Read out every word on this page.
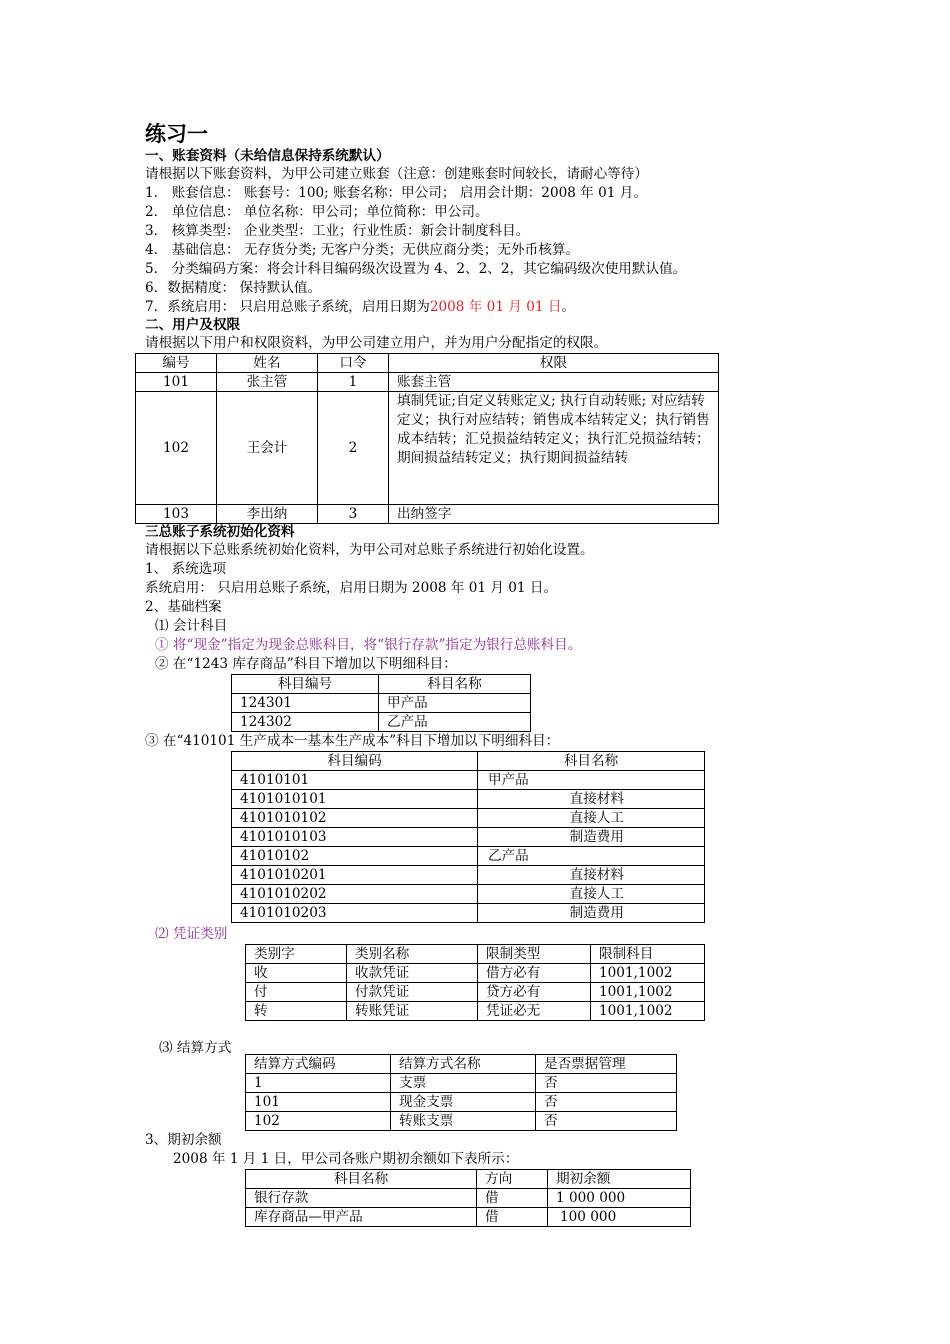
练习一
一、账套资料（未给信息保持系统默认）
请根据以下账套资料，为甲公司建立账套（注意：创建账套时间较长，请耐心等待）
1． 账套信息： 账套号：100; 账套名称：甲公司； 启用会计期：2008 年 01 月。
2． 单位信息： 单位名称：甲公司；单位简称：甲公司。
3． 核算类型： 企业类型：工业；行业性质：新会计制度科目。
4． 基础信息： 无存货分类; 无客户分类；无供应商分类；无外币核算。
5． 分类编码方案：将会计科目编码级次设置为 4、2、2、2，其它编码级次使用默认值。
6．数据精度： 保持默认值。
7．系统启用： 只启用总账子系统，启用日期为2008 年 01 月 01 日。
二、用户及权限
请根据以下用户和权限资料，为甲公司建立用户，并为用户分配指定的权限。
编号	姓名	口令	权限
101	张主管	1	账套主管
102	王会计	2	填制凭证;自定义转账定义; 执行自动转账; 对应结转定义；执行对应结转；销售成本结转定义；执行销售成本结转；汇兑损益结转定义；执行汇兑损益结转；期间损益结转定义；执行期间损益结转
103	李出纳	3	出纳签字
三总账子系统初始化资料
请根据以下总账系统初始化资料，为甲公司对总账子系统进行初始化设置。
1、 系统选项
系统启用： 只启用总账子系统，启用日期为 2008 年 01 月 01 日。
2、基础档案
⑴ 会计科目
① 将“现金”指定为现金总账科目，将“银行存款”指定为银行总账科目。
② 在“1243 库存商品”科目下增加以下明细科目：
科目编号	科目名称
124301	甲产品
124302	乙产品
③ 在“410101 生产成本一基本生产成本”科目下增加以下明细科目：
科目编码	科目名称
41010101	甲产品
4101010101	直接材料
4101010102	直接人工
4101010103	制造费用
41010102	乙产品
4101010201	直接材料
4101010202	直接人工
4101010203	制造费用
⑵ 凭证类别
类别字	类别名称	限制类型	限制科目
收	收款凭证	借方必有	1001,1002
付	付款凭证	贷方必有	1001,1002
转	转账凭证	凭证必无	1001,1002
⑶ 结算方式
结算方式编码	结算方式名称	是否票据管理
1	支票	否
101	现金支票	否
102	转账支票	否
3、期初余额
2008 年 1 月 1 日，甲公司各账户期初余额如下表所示：
科目名称	方向	期初余额
银行存款	借	1 000 000
库存商品—甲产品	借	100 000
